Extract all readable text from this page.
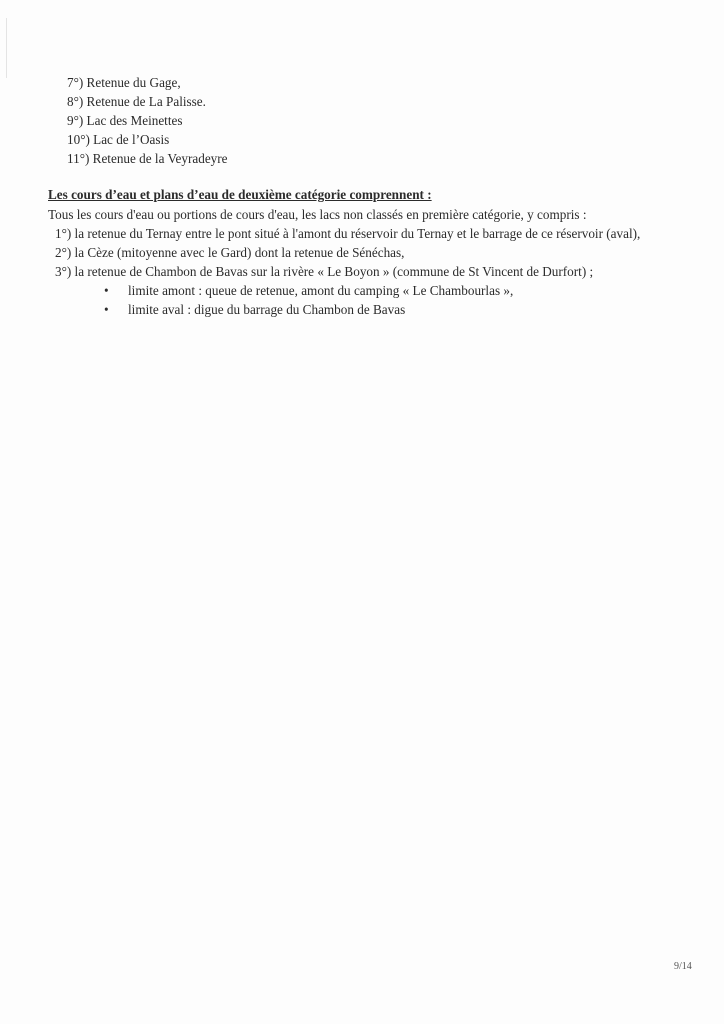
7°) Retenue du Gage,
8°) Retenue de La Palisse.
9°) Lac des Meinettes
10°) Lac de l’Oasis
11°) Retenue de la Veyradeyre
Les cours d’eau et plans d’eau de deuxième catégorie comprennent :
Tous les cours d'eau ou portions de cours d'eau, les lacs non classés en première catégorie, y compris :
1°) la retenue du Ternay entre le pont situé à l'amont du réservoir du Ternay et le barrage de ce réservoir (aval),
2°) la Cèze (mitoyenne avec le Gard) dont la retenue de Sénéchas,
3°) la retenue de Chambon de Bavas sur la rivère « Le Boyon » (commune de St Vincent de Durfort) ;
• limite amont : queue de retenue, amont du camping « Le Chambourlas »,
• limite aval : digue du barrage du Chambon de Bavas
9/14
